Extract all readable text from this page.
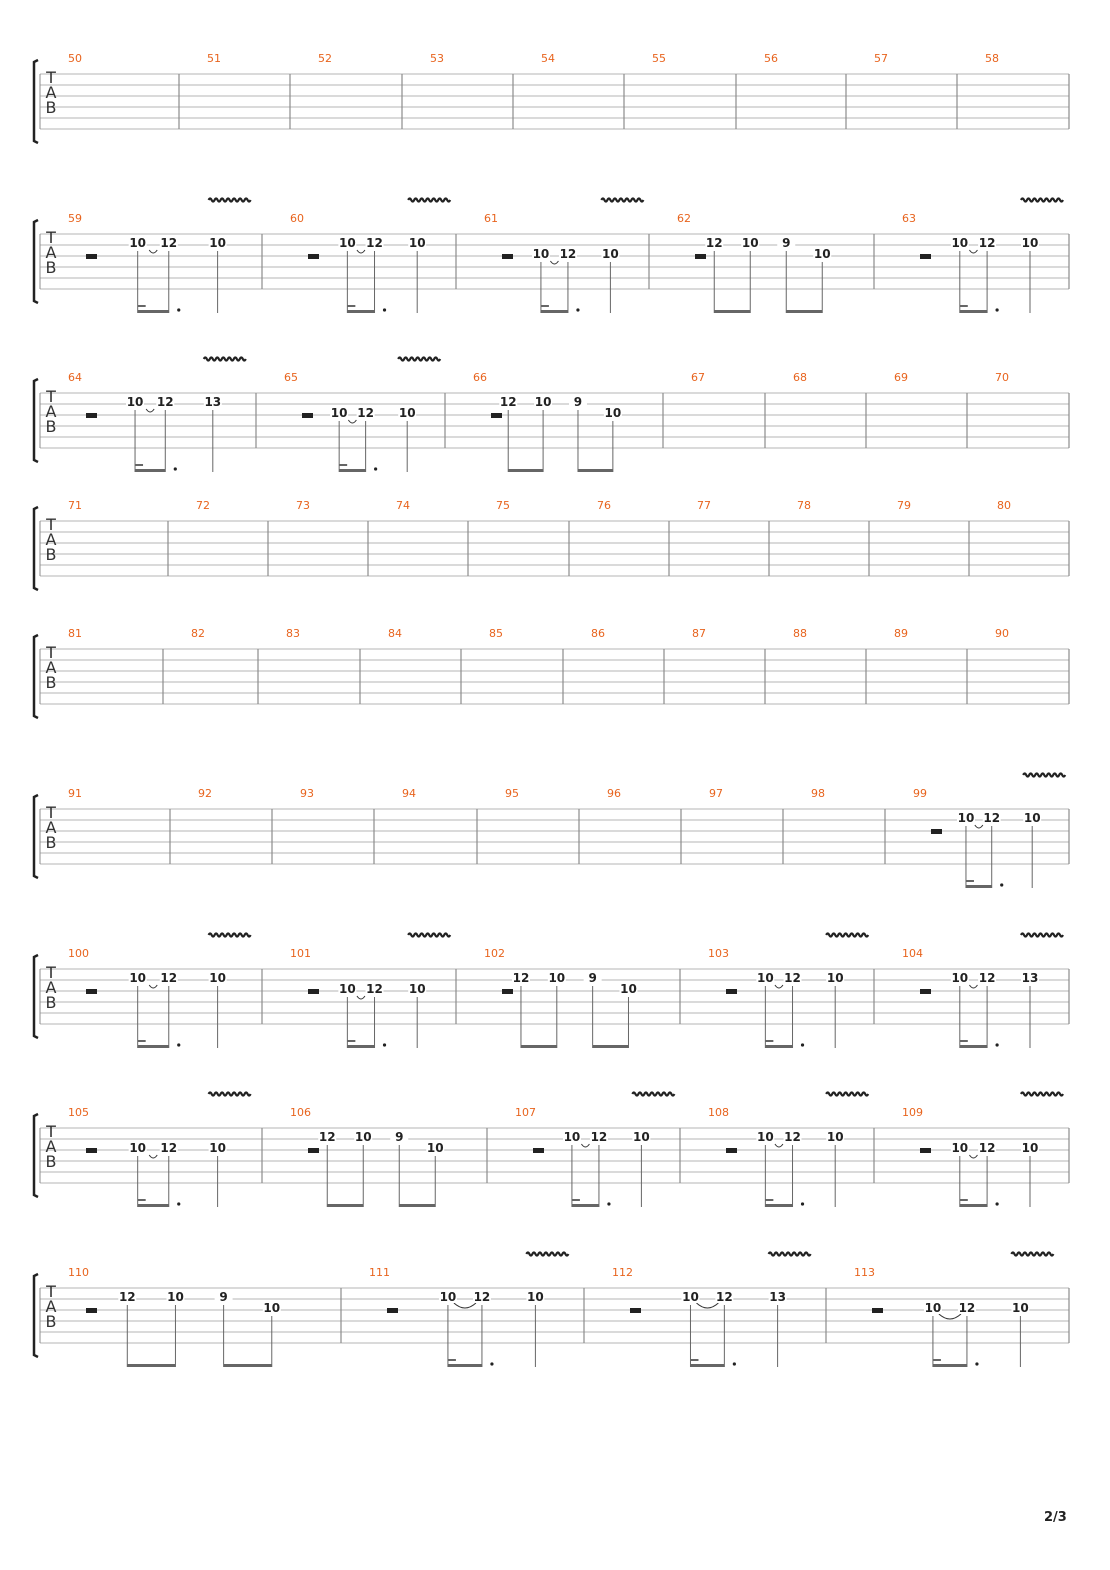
T
A
B
50	51	52	53	54	55	56	57	58
T
A
B
59
10 12	10
60
10 12 10
61
10 12 10
62
12 10 9
10
63
10 12 10
T
A
B
64
10 12	13
65
10 12 10
66
12 10 9
10
67	68	69	70
T
A
B
71	72	73	74	75	76	77	78	79	80
T
A
B
81	82	83	84	85	86	87	88	89	90
T
A
B
91	92	93	94	95	96	97	98	99
10 12 10
T
A
B
100
10 12	10
101
10 12 10
102
12 10 9
10
103
10 12 10
104
10 12 13
T
A
B
105
10 12	10
106
12 10 9
10
107
10 12 10
108
10 12 10
109
10 12 10
T
A
B
110
12	10	9
10
111
10 12	10
112
10 12	13
113
10 12	10
2/3
